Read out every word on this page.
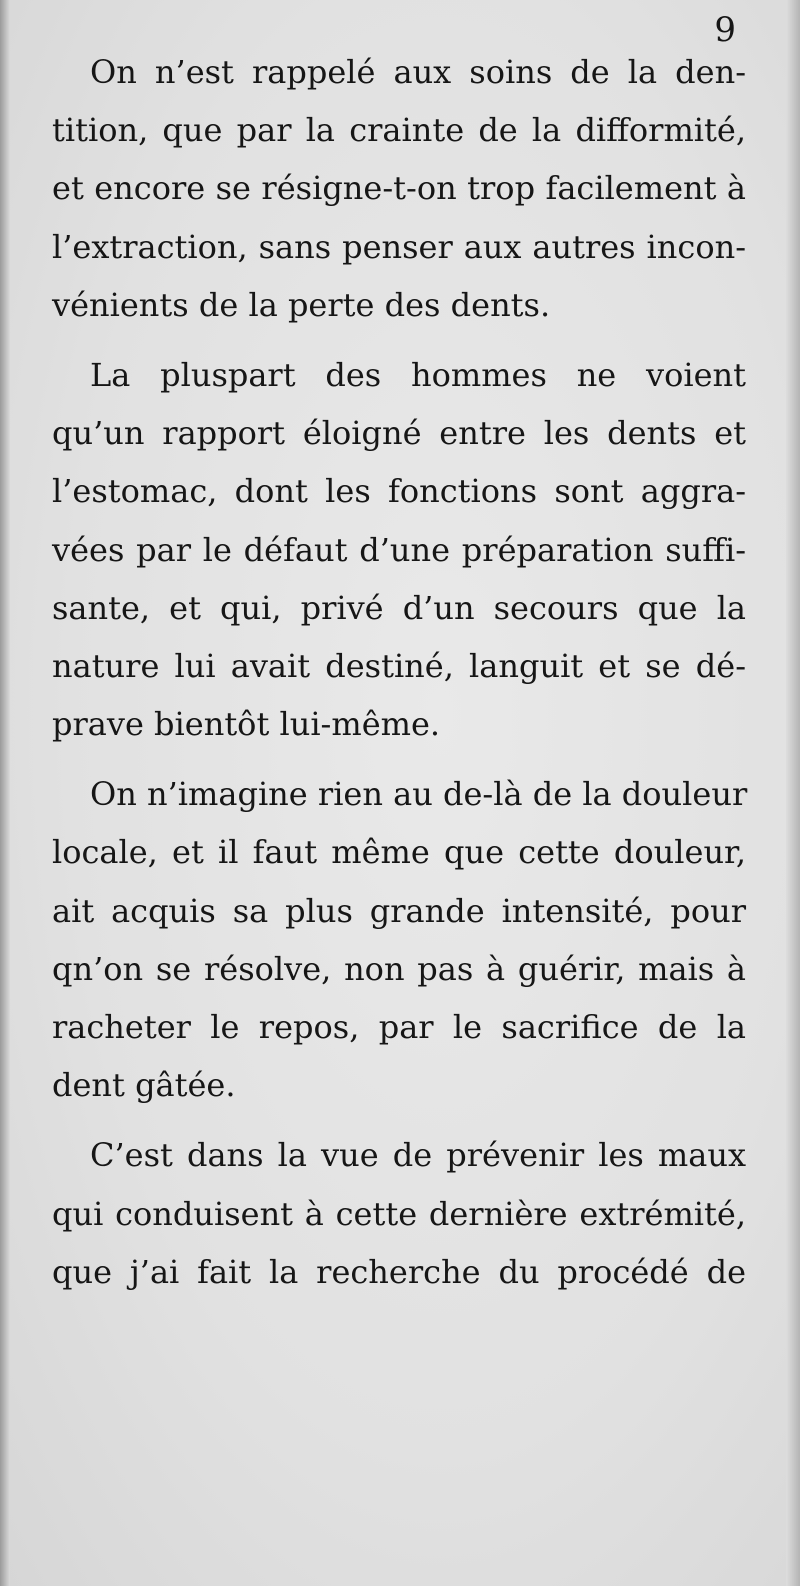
9
On n’est rappelé aux soins de la den-
tition, que par la crainte de la difformité,
et encore se résigne-t-on trop facilement à
l’extraction, sans penser aux autres incon-
vénients de la perte des dents.
La pluspart des hommes ne voient
qu’un rapport éloigné entre les dents et
l’estomac, dont les fonctions sont aggra-
vées par le défaut d’une préparation suffi-
sante, et qui, privé d’un secours que la
nature lui avait destiné, languit et se dé-
prave bientôt lui-même.
On n’imagine rien au de-là de la douleur
locale, et il faut même que cette douleur,
ait acquis sa plus grande intensité, pour
qn’on se résolve, non pas à guérir, mais à
racheter le repos, par le sacrifice de la
dent gâtée.
C’est dans la vue de prévenir les maux
qui conduisent à cette dernière extrémité,
que j’ai fait la recherche du procédé de
